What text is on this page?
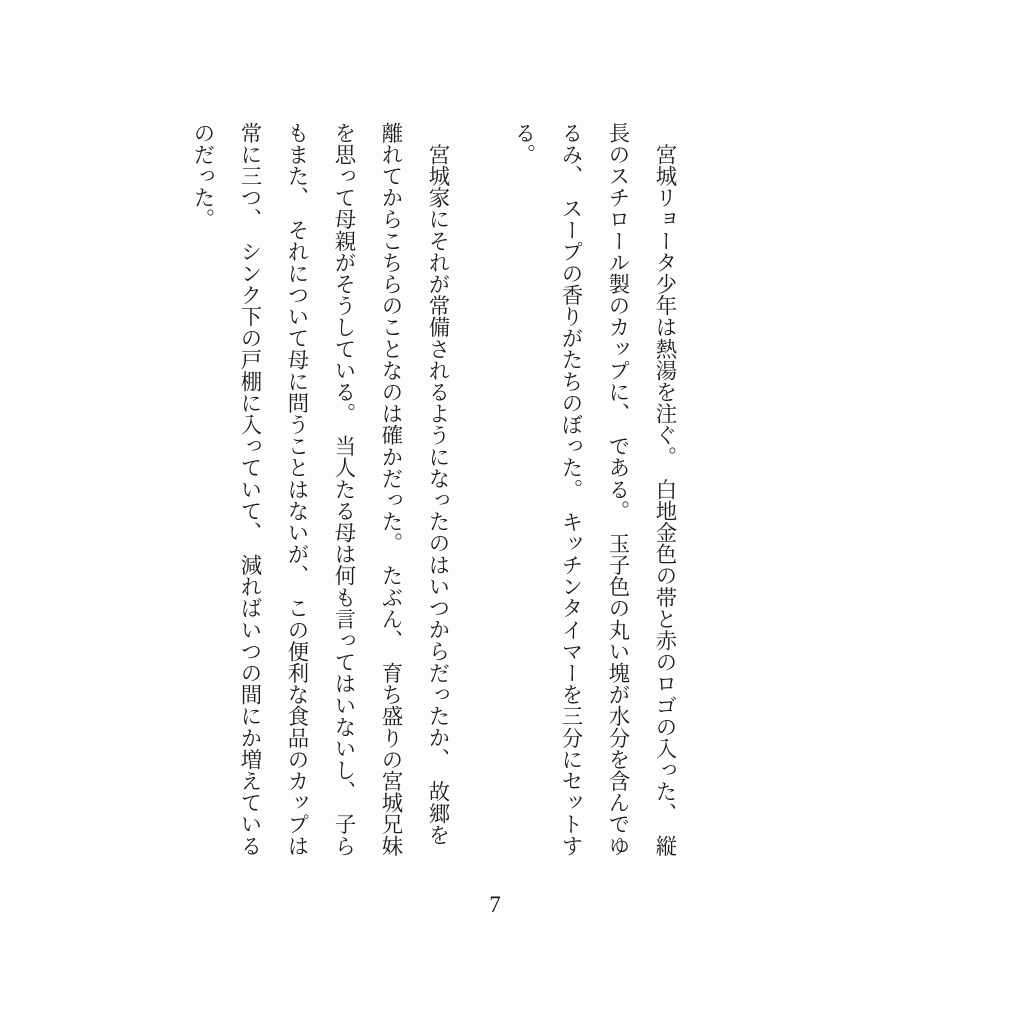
　宮城リョータ少年は熱湯を注ぐ。　白地金色の帯と赤のロゴの入った、　縦
長のスチロール製のカップに、　である。　玉子色の丸い塊が水分を含んでゆ
るみ、　スープの香りがたちのぼった。　キッチンタイマーを三分にセットす
る。
　宮城家にそれが常備されるようになったのはいつからだったか、　故郷を
離れてからこちらのことなのは確かだった。　たぶん、　育ち盛りの宮城兄妹
を思って母親がそうしている。　当人たる母は何も言ってはいないし、　子ら
もまた、　それについて母に問うことはないが、　この便利な食品のカップは
常に三つ、　シンク下の戸棚に入っていて、　減ればいつの間にか増えている
のだった。
7
